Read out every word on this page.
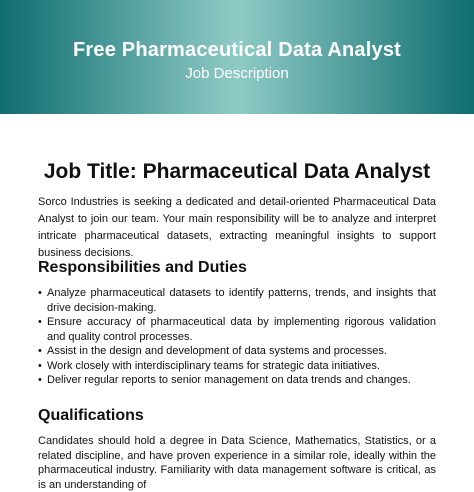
Free Pharmaceutical Data Analyst
Job Description
Job Title: Pharmaceutical Data Analyst
Sorco Industries is seeking a dedicated and detail-oriented Pharmaceutical Data Analyst to join our team. Your main responsibility will be to analyze and interpret intricate pharmaceutical datasets, extracting meaningful insights to support business decisions.
Responsibilities and Duties
• Analyze pharmaceutical datasets to identify patterns, trends, and insights that drive decision-making.
• Ensure accuracy of pharmaceutical data by implementing rigorous validation and quality control processes.
• Assist in the design and development of data systems and processes.
• Work closely with interdisciplinary teams for strategic data initiatives.
• Deliver regular reports to senior management on data trends and changes.
Qualifications
Candidates should hold a degree in Data Science, Mathematics, Statistics, or a related discipline, and have proven experience in a similar role, ideally within the pharmaceutical industry. Familiarity with data management software is critical, as is an understanding of
